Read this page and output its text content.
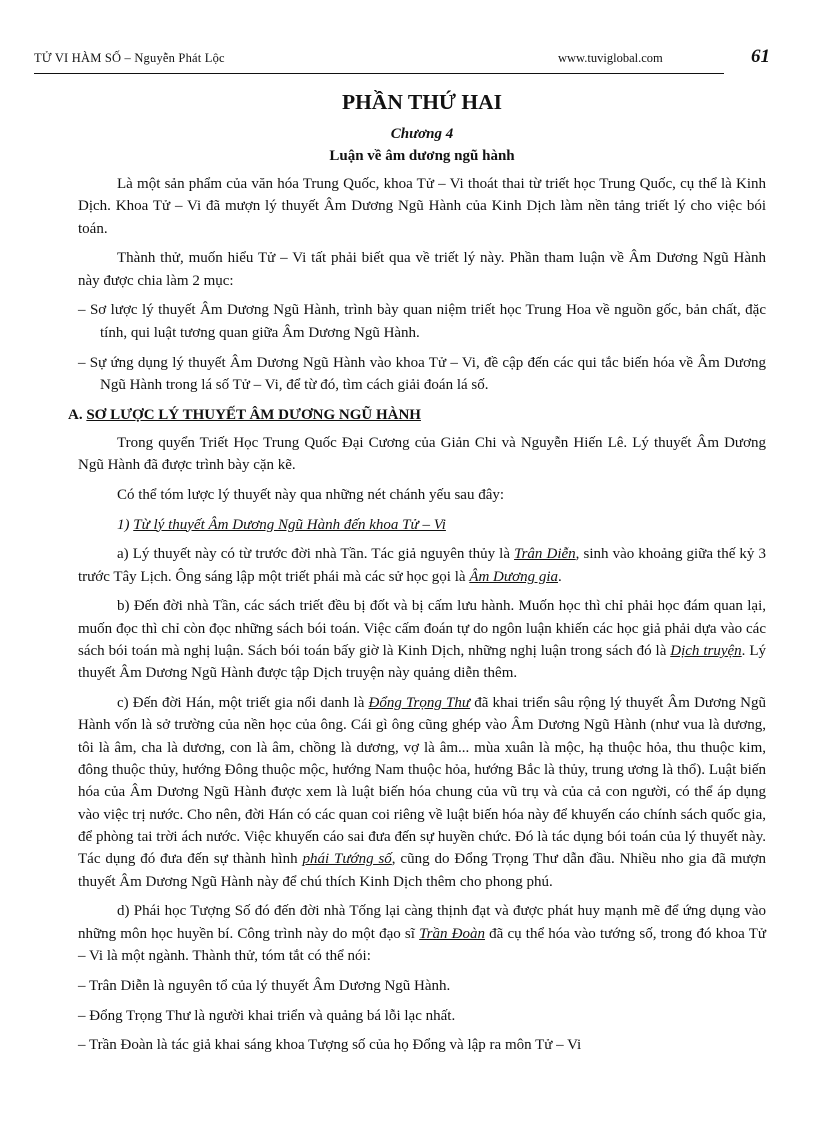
TỬ VI HÀM SỐ – Nguyễn Phát Lộc	www.tuviglobal.com	61
PHẦN THỨ HAI
Chương 4
Luận về âm dương ngũ hành

Là một sản phẩm của văn hóa Trung Quốc, khoa Tử – Vi thoát thai từ triết học Trung Quốc, cụ thể là Kinh Dịch. Khoa Tử – Vi đã mượn lý thuyết Âm Dương Ngũ Hành của Kinh Dịch làm nền tảng triết lý cho việc bói toán.

Thành thử, muốn hiểu Tử – Vi tất phải biết qua về triết lý này. Phần tham luận về Âm Dương Ngũ Hành này được chia làm 2 mục:

– Sơ lược lý thuyết Âm Dương Ngũ Hành, trình bày quan niệm triết học Trung Hoa về nguồn gốc, bản chất, đặc tính, qui luật tương quan giữa Âm Dương Ngũ Hành.

– Sự ứng dụng lý thuyết Âm Dương Ngũ Hành vào khoa Tử – Vi, đề cập đến các qui tắc biến hóa về Âm Dương Ngũ Hành trong lá số Tử – Vi, để từ đó, tìm cách giải đoán lá số.

A. SƠ LƯỢC LÝ THUYẾT ÂM DƯƠNG NGŨ HÀNH

Trong quyển Triết Học Trung Quốc Đại Cương của Giản Chi và Nguyễn Hiến Lê. Lý thuyết Âm Dương Ngũ Hành đã được trình bày cặn kẽ.

Có thể tóm lược lý thuyết này qua những nét chánh yếu sau đây:

1) Từ lý thuyết Âm Dương Ngũ Hành đến khoa Tử – Vi

a) Lý thuyết này có từ trước đời nhà Tần. Tác giả nguyên thủy là Trân Diễn, sinh vào khoảng giữa thế kỷ 3 trước Tây Lịch. Ông sáng lập một triết phái mà các sử học gọi là Âm Dương gia.

b) Đến đời nhà Tần, các sách triết đều bị đốt và bị cấm lưu hành. Muốn học thì chỉ phải học đám quan lại, muốn đọc thì chỉ còn đọc những sách bói toán. Việc cấm đoán tự do ngôn luận khiến các học giả phải dựa vào các sách bói toán mà nghị luận. Sách bói toán bấy giờ là Kinh Dịch, những nghị luận trong sách đó là Dịch truyện. Lý thuyết Âm Dương Ngũ Hành được tập Dịch truyện này quảng diễn thêm.

c) Đến đời Hán, một triết gia nổi danh là Đổng Trọng Thư đã khai triển sâu rộng lý thuyết Âm Dương Ngũ Hành vốn là sở trường của nền học của ông. Cái gì ông cũng ghép vào Âm Dương Ngũ Hành (như vua là dương, tôi là âm, cha là dương, con là âm, chồng là dương, vợ là âm... mùa xuân là mộc, hạ thuộc hỏa, thu thuộc kim, đông thuộc thủy, hướng Đông thuộc mộc, hướng Nam thuộc hỏa, hướng Bắc là thủy, trung ương là thổ). Luật biến hóa của Âm Dương Ngũ Hành được xem là luật biến hóa chung của vũ trụ và của cả con người, có thể áp dụng vào việc trị nước. Cho nên, đời Hán có các quan coi riêng về luật biến hóa này để khuyến cáo chính sách quốc gia, để phòng tai trời ách nước. Việc khuyến cáo sai đưa đến sự huyền chức. Đó là tác dụng bói toán của lý thuyết này. Tác dụng đó đưa đến sự thành hình phái Tướng số, cũng do Đổng Trọng Thư dẫn đầu. Nhiều nho gia đã mượn thuyết Âm Dương Ngũ Hành này để chú thích Kinh Dịch thêm cho phong phú.

d) Phái học Tượng Số đó đến đời nhà Tống lại càng thịnh đạt và được phát huy mạnh mẽ để ứng dụng vào những môn học huyền bí. Công trình này do một đạo sĩ Trần Đoàn đã cụ thể hóa vào tướng số, trong đó khoa Tử – Vi là một ngành. Thành thử, tóm tắt có thể nói:

– Trân Diễn là nguyên tổ của lý thuyết Âm Dương Ngũ Hành.

– Đổng Trọng Thư là người khai triển và quảng bá lỗi lạc nhất.

– Trần Đoàn là tác giả khai sáng khoa Tượng số của họ Đổng và lập ra môn Tử – Vi
